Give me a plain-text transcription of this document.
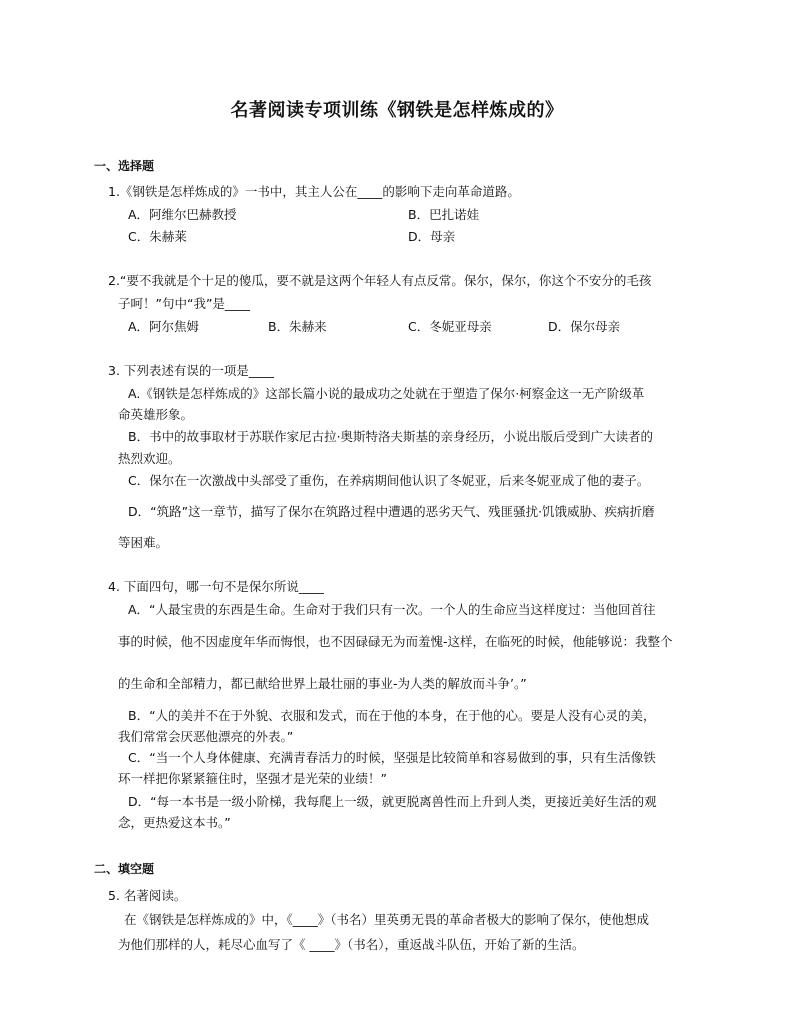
名著阅读专项训练《钢铁是怎样炼成的》
一、选择题
1.《钢铁是怎样炼成的》一书中，其主人公在____的影响下走向革命道路。
A．阿维尔巴赫教授	B．巴扎诺娃
C．朱赫莱	D．母亲
2.“要不我就是个十足的傻瓜，要不就是这两个年轻人有点反常。保尔，保尔，你这个不安分的毛孩
子呵！”句中“我”是____
A．阿尔焦姆	B．朱赫来	C．冬妮亚母亲	D．保尔母亲
3. 下列表述有误的一项是____
A.《钢铁是怎样炼成的》这部长篇小说的最成功之处就在于塑造了保尔·柯察金这一无产阶级革
命英雄形象。
B．书中的故事取材于苏联作家尼古拉·奥斯特洛夫斯基的亲身经历，小说出版后受到广大读者的
热烈欢迎。
C．保尔在一次激战中头部受了重伤，在养病期间他认识了冬妮亚，后来冬妮亚成了他的妻子。
D．“筑路”这一章节，描写了保尔在筑路过程中遭遇的恶劣天气、残匪骚扰·饥饿威胁、疾病折磨
等困难。
4. 下面四句，哪一句不是保尔所说____
A．“人最宝贵的东西是生命。生命对于我们只有一次。一个人的生命应当这样度过：当他回首往
事的时候，他不因虚度年华而悔恨，也不因碌碌无为而羞愧-这样，在临死的时候，他能够说：我整个
的生命和全部精力，都已献给世界上最壮丽的事业-为人类的解放而斗争’。”
B．“人的美并不在于外貌、衣服和发式，而在于他的本身，在于他的心。要是人没有心灵的美，
我们常常会厌恶他漂亮的外表。”
C．“当一个人身体健康、充满青春活力的时候，坚强是比较简单和容易做到的事，只有生活像铁
环一样把你紧紧箍住时，坚强才是光荣的业绩！”
D．“每一本书是一级小阶梯，我每爬上一级，就更脱离兽性而上升到人类，更接近美好生活的观
念，更热爱这本书。”
二、填空题
5. 名著阅读。
在《钢铁是怎样炼成的》中，《____》（书名）里英勇无畏的革命者极大的影响了保尔，使他想成
为他们那样的人，耗尽心血写了《 ____》（书名），重返战斗队伍，开始了新的生活。
